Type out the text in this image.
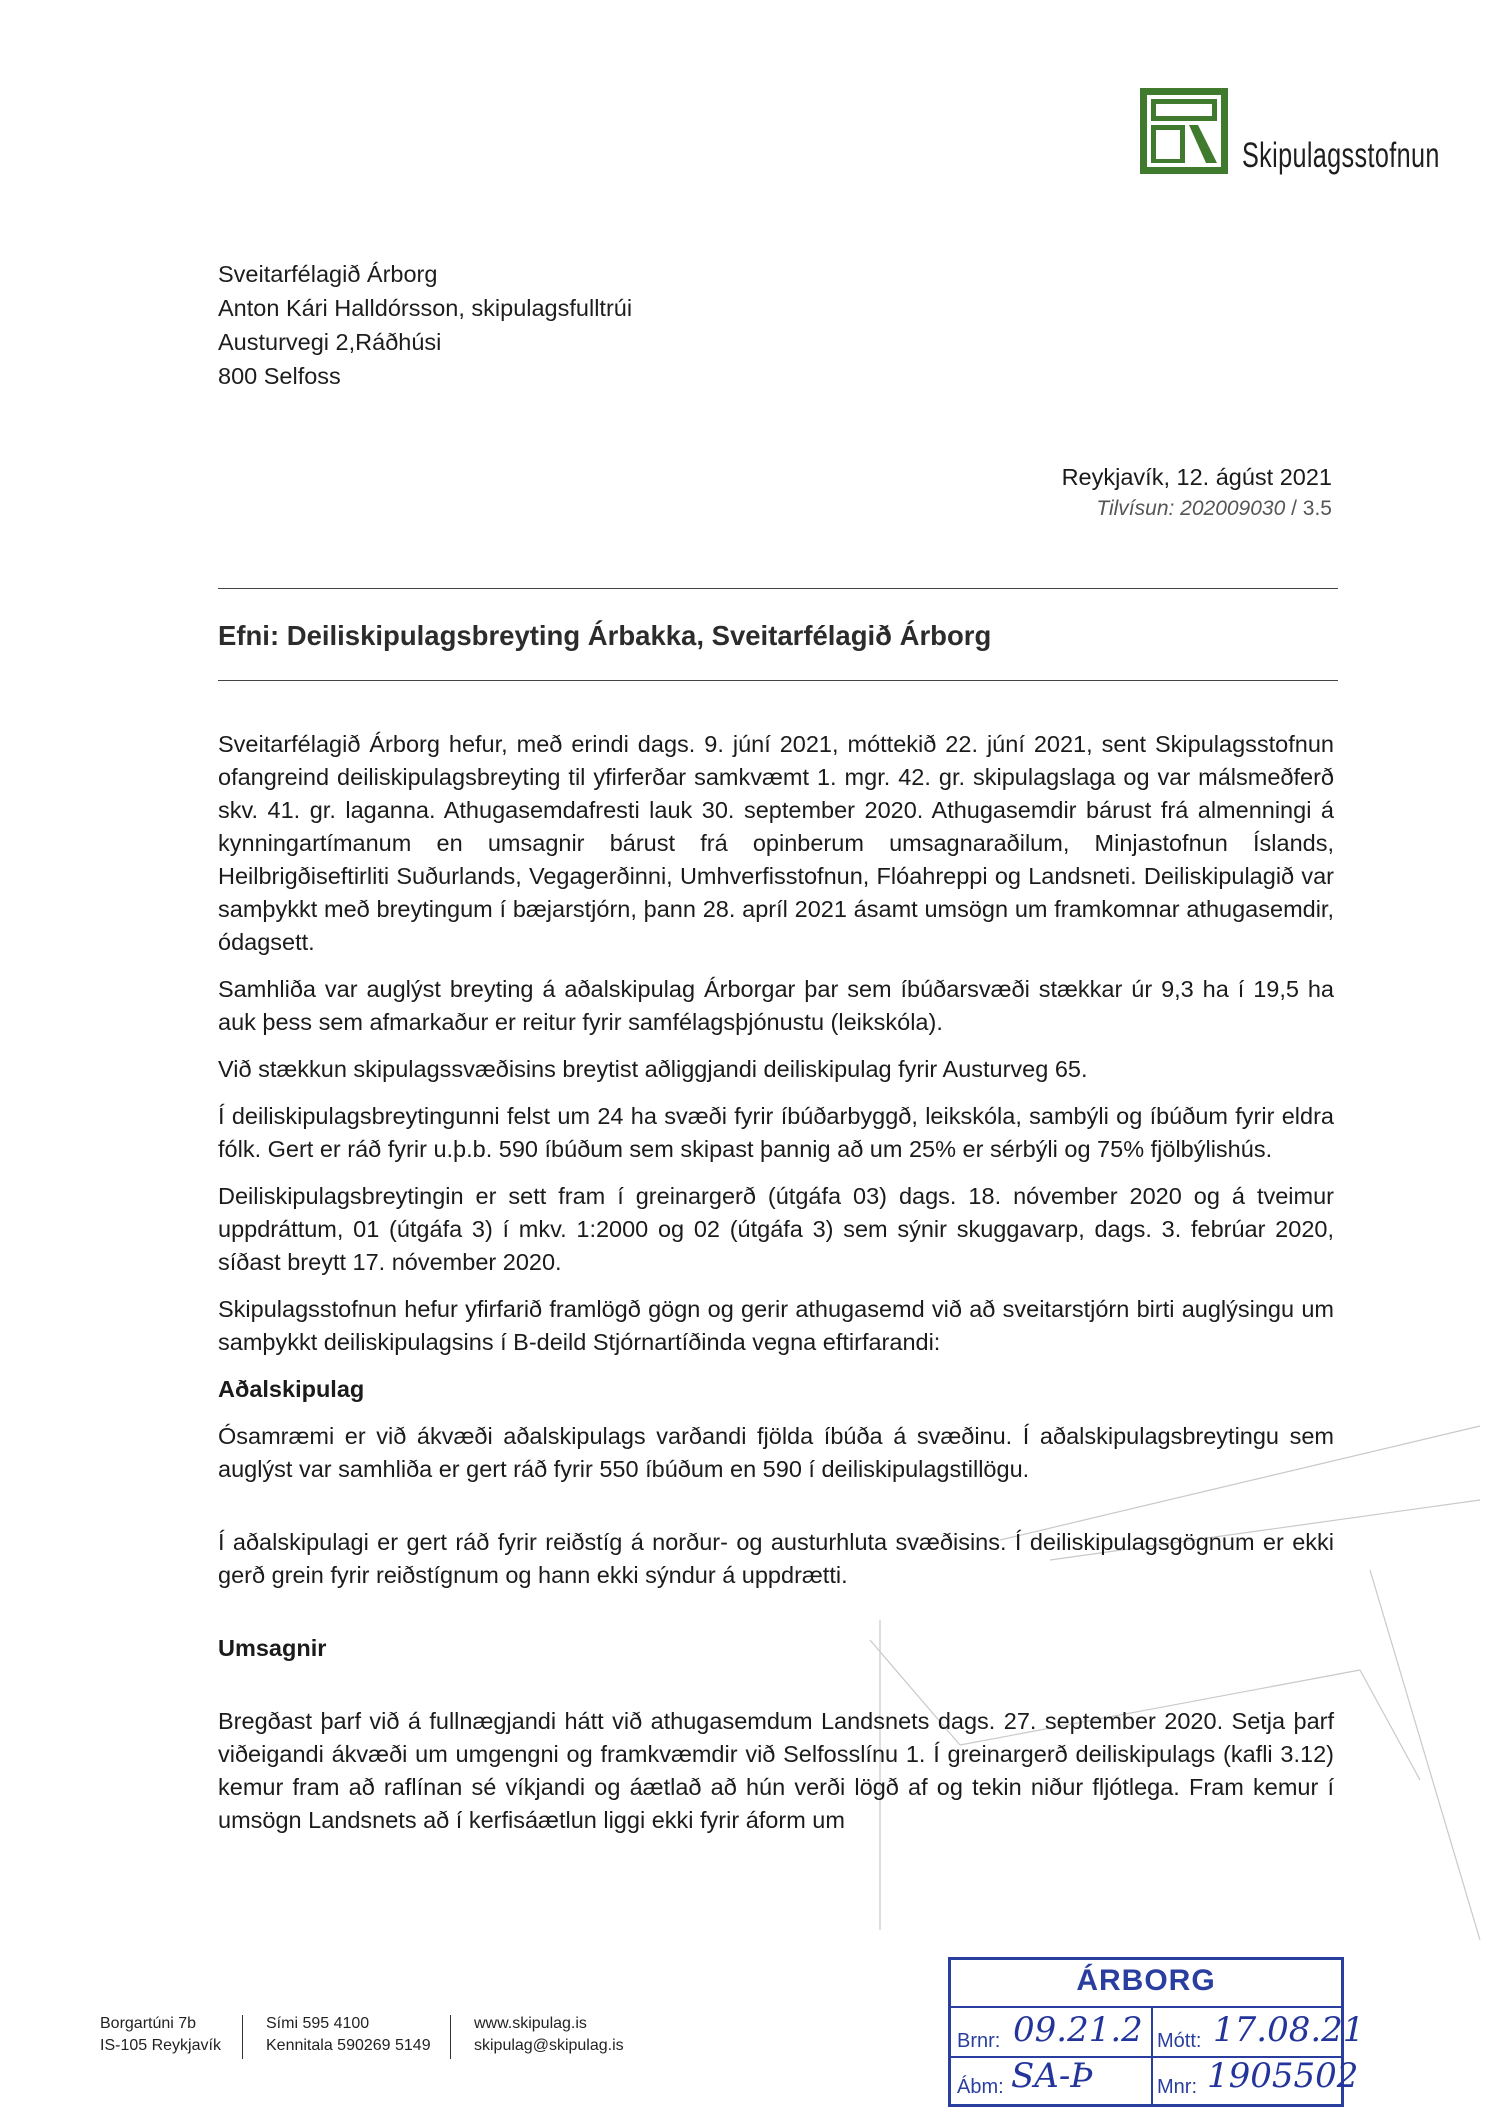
Skipulagsstofnun
Sveitarfélagið Árborg
Anton Kári Halldórsson, skipulagsfulltrúi
Austurvegi 2,Ráðhúsi
800 Selfoss
Reykjavík, 12. ágúst 2021
Tilvísun: 202009030 / 3.5
Efni: Deiliskipulagsbreyting Árbakka, Sveitarfélagið Árborg

Sveitarfélagið Árborg hefur, með erindi dags. 9. júní 2021, móttekið 22. júní 2021, sent Skipulagsstofnun ofangreind deiliskipulagsbreyting til yfirferðar samkvæmt 1. mgr. 42. gr. skipulagslaga og var málsmeðferð skv. 41. gr. laganna. Athugasemdafresti lauk 30. september 2020. Athugasemdir bárust frá almenningi á kynningartímanum en umsagnir bárust frá opinberum umsagnaraðilum, Minjastofnun Íslands, Heilbrigðiseftirliti Suðurlands, Vegagerðinni, Umhverfisstofnun, Flóahreppi og Landsneti. Deiliskipulagið var samþykkt með breytingum í bæjarstjórn, þann 28. apríl 2021 ásamt umsögn um framkomnar athugasemdir, ódagsett.

Samhliða var auglýst breyting á aðalskipulag Árborgar þar sem íbúðarsvæði stækkar úr 9,3 ha í 19,5 ha auk þess sem afmarkaður er reitur fyrir samfélagsþjónustu (leikskóla).

Við stækkun skipulagssvæðisins breytist aðliggjandi deiliskipulag fyrir Austurveg 65.

Í deiliskipulagsbreytingunni felst um 24 ha svæði fyrir íbúðarbyggð, leikskóla, sambýli og íbúðum fyrir eldra fólk. Gert er ráð fyrir u.þ.b. 590 íbúðum sem skipast þannig að um 25% er sérbýli og 75% fjölbýlishús.

Deiliskipulagsbreytingin er sett fram í greinargerð (útgáfa 03) dags. 18. nóvember 2020 og á tveimur uppdráttum, 01 (útgáfa 3) í mkv. 1:2000 og 02 (útgáfa 3) sem sýnir skuggavarp, dags. 3. febrúar 2020, síðast breytt 17. nóvember 2020.

Skipulagsstofnun hefur yfirfarið framlögð gögn og gerir athugasemd við að sveitarstjórn birti auglýsingu um samþykkt deiliskipulagsins í B-deild Stjórnartíðinda vegna eftirfarandi:

Aðalskipulag

Ósamræmi er við ákvæði aðalskipulags varðandi fjölda íbúða á svæðinu. Í aðalskipulagsbreytingu sem auglýst var samhliða er gert ráð fyrir 550 íbúðum en 590 í deiliskipulagstillögu.

Í aðalskipulagi er gert ráð fyrir reiðstíg á norður- og austurhluta svæðisins. Í deiliskipulagsgögnum er ekki gerð grein fyrir reiðstígnum og hann ekki sýndur á uppdrætti.

Umsagnir

Bregðast þarf við á fullnægjandi hátt við athugasemdum Landsnets dags. 27. september 2020. Setja þarf viðeigandi ákvæði um umgengni og framkvæmdir við Selfosslínu 1. Í greinargerð deiliskipulags (kafli 3.12) kemur fram að raflínan sé víkjandi og áætlað að hún verði lögð af og tekin niður fljótlega. Fram kemur í umsögn Landsnets að í kerfisáætlun liggi ekki fyrir áform um

Borgartúni 7b
IS-105 Reykjavík
Sími 595 4100
Kennitala 590269 5149
www.skipulag.is
skipulag@skipulag.is
ÁRBORG
Brnr: 09.21.2 Mótt: 17.08.21
Ábm: SA-Þ	Mnr: 1905502
